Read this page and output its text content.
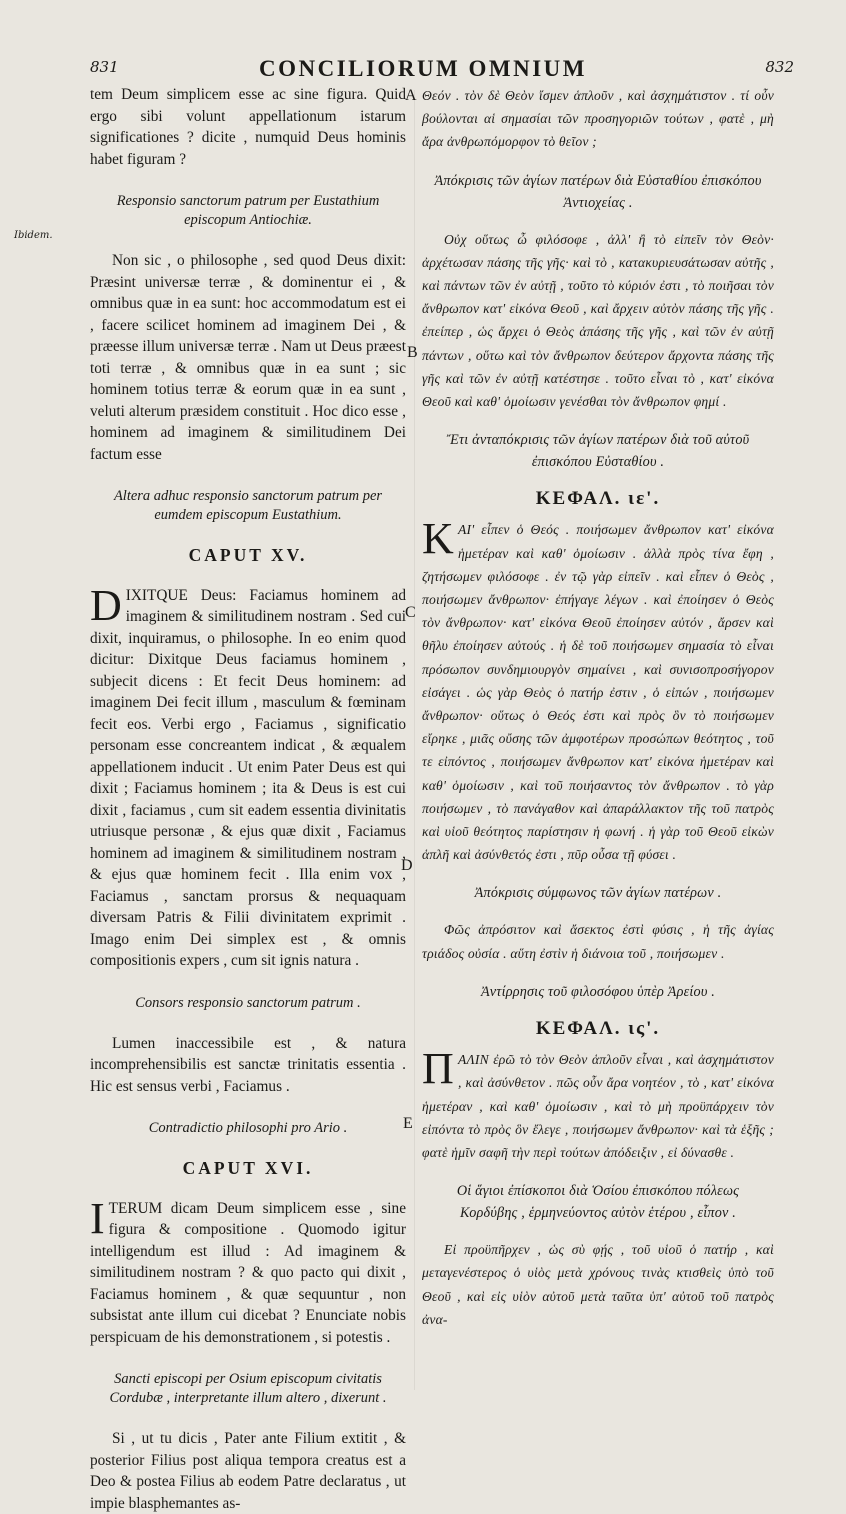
831	CONCILIORUM OMNIUM	832
Ibidem.
A
B
C
D
E

tem Deum simplicem esse ac sine figura. Quid ergo sibi volunt appellationum istarum significationes ? dicite , numquid Deus hominis habet figuram ?

Responsio sanctorum patrum per Eustathium episcopum Antiochiæ.

Non sic , o philosophe , sed quod Deus dixit: Præsint universæ terræ , & dominentur ei , & omnibus quæ in ea sunt: hoc accommodatum est ei , facere scilicet hominem ad imaginem Dei , & præesse illum universæ terræ . Nam ut Deus præest toti terræ , & omnibus quæ in ea sunt ; sic hominem totius terræ & eorum quæ in ea sunt , veluti alterum præsidem constituit . Hoc dico esse , hominem ad imaginem & similitudinem Dei factum esse

Altera adhuc responsio sanctorum patrum per eumdem episcopum Eustathium.
CAPUT XV.

DIXITQUE Deus: Faciamus hominem ad imaginem & similitudinem nostram . Sed cui dixit, inquiramus, o philosophe. In eo enim quod dicitur: Dixitque Deus faciamus hominem , subjecit dicens : Et fecit Deus hominem: ad imaginem Dei fecit illum , masculum & fœminam fecit eos. Verbi ergo , Faciamus , significatio personam esse concreantem indicat , & æqualem appellationem inducit . Ut enim Pater Deus est qui dixit ; Faciamus hominem ; ita & Deus is est cui dixit , faciamus , cum sit eadem essentia divinitatis utriusque personæ , & ejus quæ dixit , Faciamus hominem ad imaginem & similitudinem nostram , & ejus quæ hominem fecit . Illa enim vox , Faciamus , sanctam prorsus & nequaquam diversam Patris & Filii divinitatem exprimit . Imago enim Dei simplex est , & omnis compositionis expers , cum sit ignis natura .

Consors responsio sanctorum patrum .

Lumen inaccessibile est , & natura incomprehensibilis est sanctæ trinitatis essentia . Hic est sensus verbi , Faciamus .

Contradictio philosophi pro Ario .
CAPUT XVI.

ITERUM dicam Deum simplicem esse , sine figura & compositione . Quomodo igitur intelligendum est illud : Ad imaginem & similitudinem nostram ? & quo pacto qui dixit , Faciamus hominem , & quæ sequuntur , non subsistat ante illum cui dicebat ? Enunciate nobis perspicuam de his demonstrationem , si potestis .

Sancti episcopi per Osium episcopum civitatis Cordubæ , interpretante illum altero , dixerunt .

Si , ut tu dicis , Pater ante Filium extitit , & posterior Filius post aliqua tempora creatus est a Deo & postea Filius ab eodem Patre declaratus , ut impie blasphemantes as-

Θεόν . τὸν δὲ Θεὸν ἴσμεν ἁπλοῦν , καὶ ἀσχημάτιστον . τί οὖν βούλονται αἱ σημασίαι τῶν προσηγοριῶν τούτων , φατὲ , μὴ ἄρα ἀνθρωπόμορφον τὸ θεῖον ;

Ἀπόκρισις τῶν ἁγίων πατέρων διὰ Εὐσταθίου ἐπισκόπου Ἀντιοχείας .

Οὐχ οὕτως ὦ φιλόσοφε , ἀλλ' ἢ τὸ εἰπεῖν τὸν Θεὸν· ἀρχέτωσαν πάσης τῆς γῆς· καὶ τὸ , κατακυριευσάτωσαν αὐτῆς , καὶ πάντων τῶν ἐν αὐτῇ , τοῦτο τὸ κύριόν ἐστι , τὸ ποιῆσαι τὸν ἄνθρωπον κατ' εἰκόνα Θεοῦ , καὶ ἄρχειν αὐτὸν πάσης τῆς γῆς . ἐπείπερ , ὡς ἄρχει ὁ Θεὸς ἁπάσης τῆς γῆς , καὶ τῶν ἐν αὐτῇ πάντων , οὕτω καὶ τὸν ἄνθρωπον δεύτερον ἄρχοντα πάσης τῆς γῆς καὶ τῶν ἐν αὐτῇ κατέστησε . τοῦτο εἶναι τὸ , κατ' εἰκόνα Θεοῦ καὶ καθ' ὁμοίωσιν γενέσθαι τὸν ἄνθρωπον φημί .

Ἔτι ἀνταπόκρισις τῶν ἁγίων πατέρων διὰ τοῦ αὐτοῦ ἐπισκόπου Εὐσταθίου .
ΚΕΦΑΛ. ιε'.

ΚΑΙ' εἶπεν ὁ Θεός . ποιήσωμεν ἄνθρωπον κατ' εἰκόνα ἡμετέραν καὶ καθ' ὁμοίωσιν . ἀλλὰ πρὸς τίνα ἔφη , ζητήσωμεν φιλόσοφε . ἐν τῷ γὰρ εἰπεῖν . καὶ εἶπεν ὁ Θεὸς , ποιήσωμεν ἄνθρωπον· ἐπήγαγε λέγων . καὶ ἐποίησεν ὁ Θεὸς τὸν ἄνθρωπον· κατ' εἰκόνα Θεοῦ ἐποίησεν αὐτόν , ἄρσεν καὶ θῆλυ ἐποίησεν αὐτούς . ἡ δὲ τοῦ ποιήσωμεν σημασία τὸ εἶναι πρόσωπον συνδημιουργὸν σημαίνει , καὶ συνισοπροσήγορον εἰσάγει . ὡς γὰρ Θεὸς ὁ πατήρ ἐστιν , ὁ εἰπών , ποιήσωμεν ἄνθρωπον· οὕτως ὁ Θεός ἐστι καὶ πρὸς ὃν τὸ ποιήσωμεν εἴρηκε , μιᾶς οὔσης τῶν ἀμφοτέρων προσώπων θεότητος , τοῦ τε εἰπόντος , ποιήσωμεν ἄνθρωπον κατ' εἰκόνα ἡμετέραν καὶ καθ' ὁμοίωσιν , καὶ τοῦ ποιήσαντος τὸν ἄνθρωπον . τὸ γὰρ ποιήσωμεν , τὸ πανάγαθον καὶ ἀπαράλλακτον τῆς τοῦ πατρὸς καὶ υἱοῦ θεότητος παρίστησιν ἡ φωνή . ἡ γὰρ τοῦ Θεοῦ εἰκὼν ἁπλῆ καὶ ἀσύνθετός ἐστι , πῦρ οὖσα τῇ φύσει .

Ἀπόκρισις σύμφωνος τῶν ἁγίων πατέρων .

Φῶς ἀπρόσιτον καὶ ἄσεκτος ἐστὶ φύσις , ἡ τῆς ἁγίας τριάδος οὐσία . αὕτη ἐστὶν ἡ διάνοια τοῦ , ποιήσωμεν .

Ἀντίρρησις τοῦ φιλοσόφου ὑπὲρ Ἀρείου .
ΚΕΦΑΛ. ις'.

ΠΑΛΙΝ ἐρῶ τὸ τὸν Θεὸν ἁπλοῦν εἶναι , καὶ ἀσχημάτιστον , καὶ ἀσύνθετον . πῶς οὖν ἄρα νοητέον , τὸ , κατ' εἰκόνα ἡμετέραν , καὶ καθ' ὁμοίωσιν , καὶ τὸ μὴ προϋπάρχειν τὸν εἰπόντα τὸ πρὸς ὃν ἔλεγε , ποιήσωμεν ἄνθρωπον· καὶ τὰ ἑξῆς ; φατὲ ἡμῖν σαφῆ τὴν περὶ τούτων ἀπόδειξιν , εἰ δύνασθε .

Οἱ ἅγιοι ἐπίσκοποι διὰ Ὁσίου ἐπισκόπου πόλεως Κορδύβης , ἑρμηνεύοντος αὐτὸν ἑτέρου , εἶπον .

Εἰ προϋπῆρχεν , ὡς σὺ φῄς , τοῦ υἱοῦ ὁ πατήρ , καὶ μεταγενέστερος ὁ υἱὸς μετὰ χρόνους τινὰς κτισθεὶς ὑπὸ τοῦ Θεοῦ , καὶ εἰς υἱὸν αὐτοῦ μετὰ ταῦτα ὑπ' αὐτοῦ τοῦ πατρὸς ἀνα-
